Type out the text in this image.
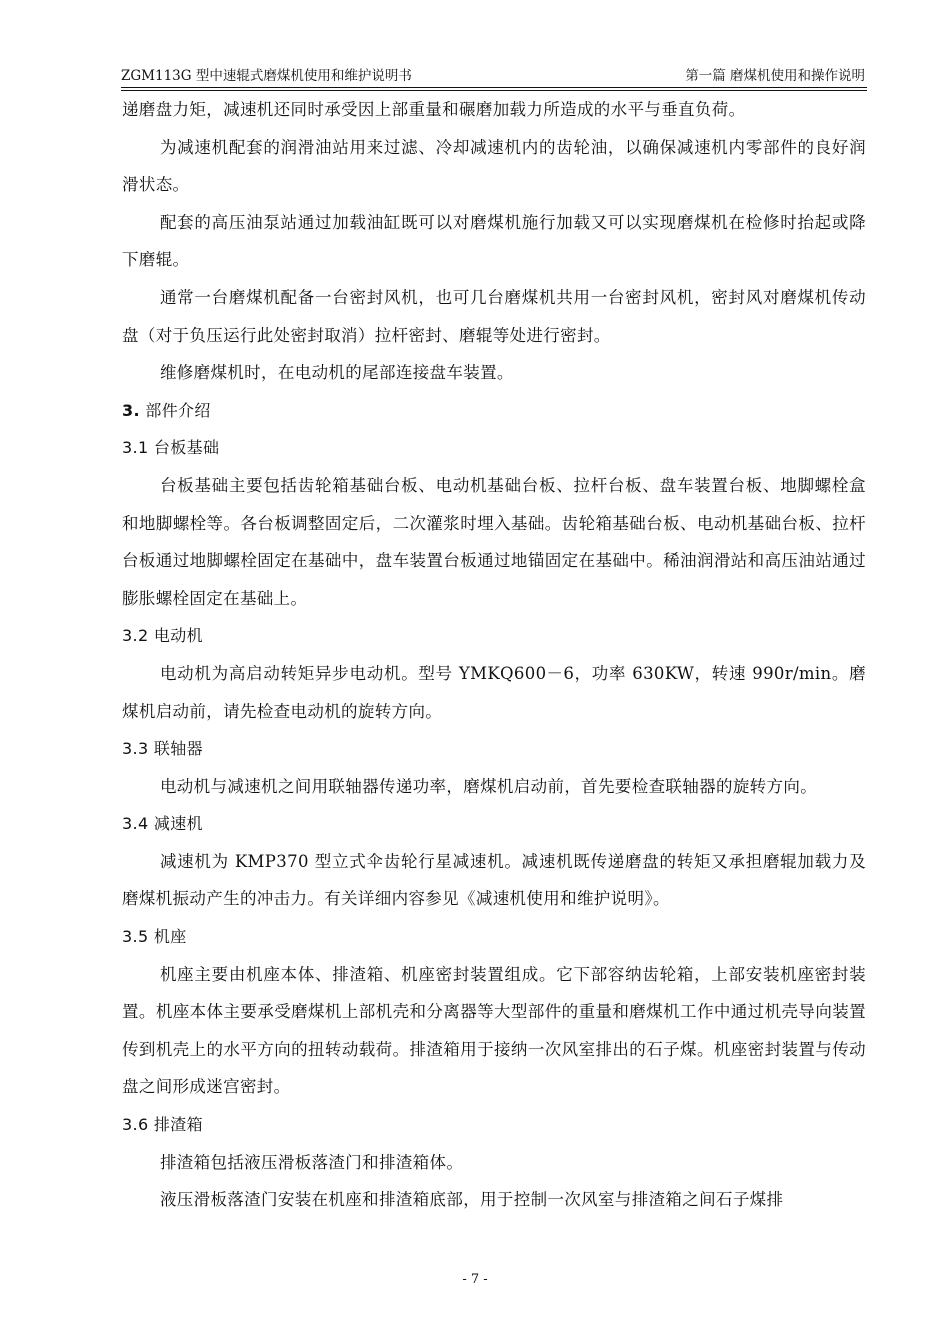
ZGM113G 型中速辊式磨煤机使用和维护说明书	第一篇 磨煤机使用和操作说明

递磨盘力矩，减速机还同时承受因上部重量和碾磨加载力所造成的水平与垂直负荷。

为减速机配套的润滑油站用来过滤、冷却减速机内的齿轮油，以确保减速机内零部件的良好润滑状态。

配套的高压油泵站通过加载油缸既可以对磨煤机施行加载又可以实现磨煤机在检修时抬起或降下磨辊。

通常一台磨煤机配备一台密封风机，也可几台磨煤机共用一台密封风机，密封风对磨煤机传动盘（对于负压运行此处密封取消）拉杆密封、磨辊等处进行密封。

维修磨煤机时，在电动机的尾部连接盘车装置。

3. 部件介绍

3.1 台板基础

台板基础主要包括齿轮箱基础台板、电动机基础台板、拉杆台板、盘车装置台板、地脚螺栓盒和地脚螺栓等。各台板调整固定后，二次灌浆时埋入基础。齿轮箱基础台板、电动机基础台板、拉杆台板通过地脚螺栓固定在基础中，盘车装置台板通过地锚固定在基础中。稀油润滑站和高压油站通过膨胀螺栓固定在基础上。

3.2 电动机

电动机为高启动转矩异步电动机。型号 YMKQ600－6，功率 630KW，转速 990r/min。磨煤机启动前，请先检查电动机的旋转方向。

3.3 联轴器

电动机与减速机之间用联轴器传递功率，磨煤机启动前，首先要检查联轴器的旋转方向。

3.4 减速机

减速机为 KMP370 型立式伞齿轮行星减速机。减速机既传递磨盘的转矩又承担磨辊加载力及磨煤机振动产生的冲击力。有关详细内容参见《减速机使用和维护说明》。

3.5 机座

机座主要由机座本体、排渣箱、机座密封装置组成。它下部容纳齿轮箱，上部安装机座密封装置。机座本体主要承受磨煤机上部机壳和分离器等大型部件的重量和磨煤机工作中通过机壳导向装置传到机壳上的水平方向的扭转动载荷。排渣箱用于接纳一次风室排出的石子煤。机座密封装置与传动盘之间形成迷宫密封。

3.6 排渣箱

排渣箱包括液压滑板落渣门和排渣箱体。

液压滑板落渣门安装在机座和排渣箱底部，用于控制一次风室与排渣箱之间石子煤排

- 7 -
